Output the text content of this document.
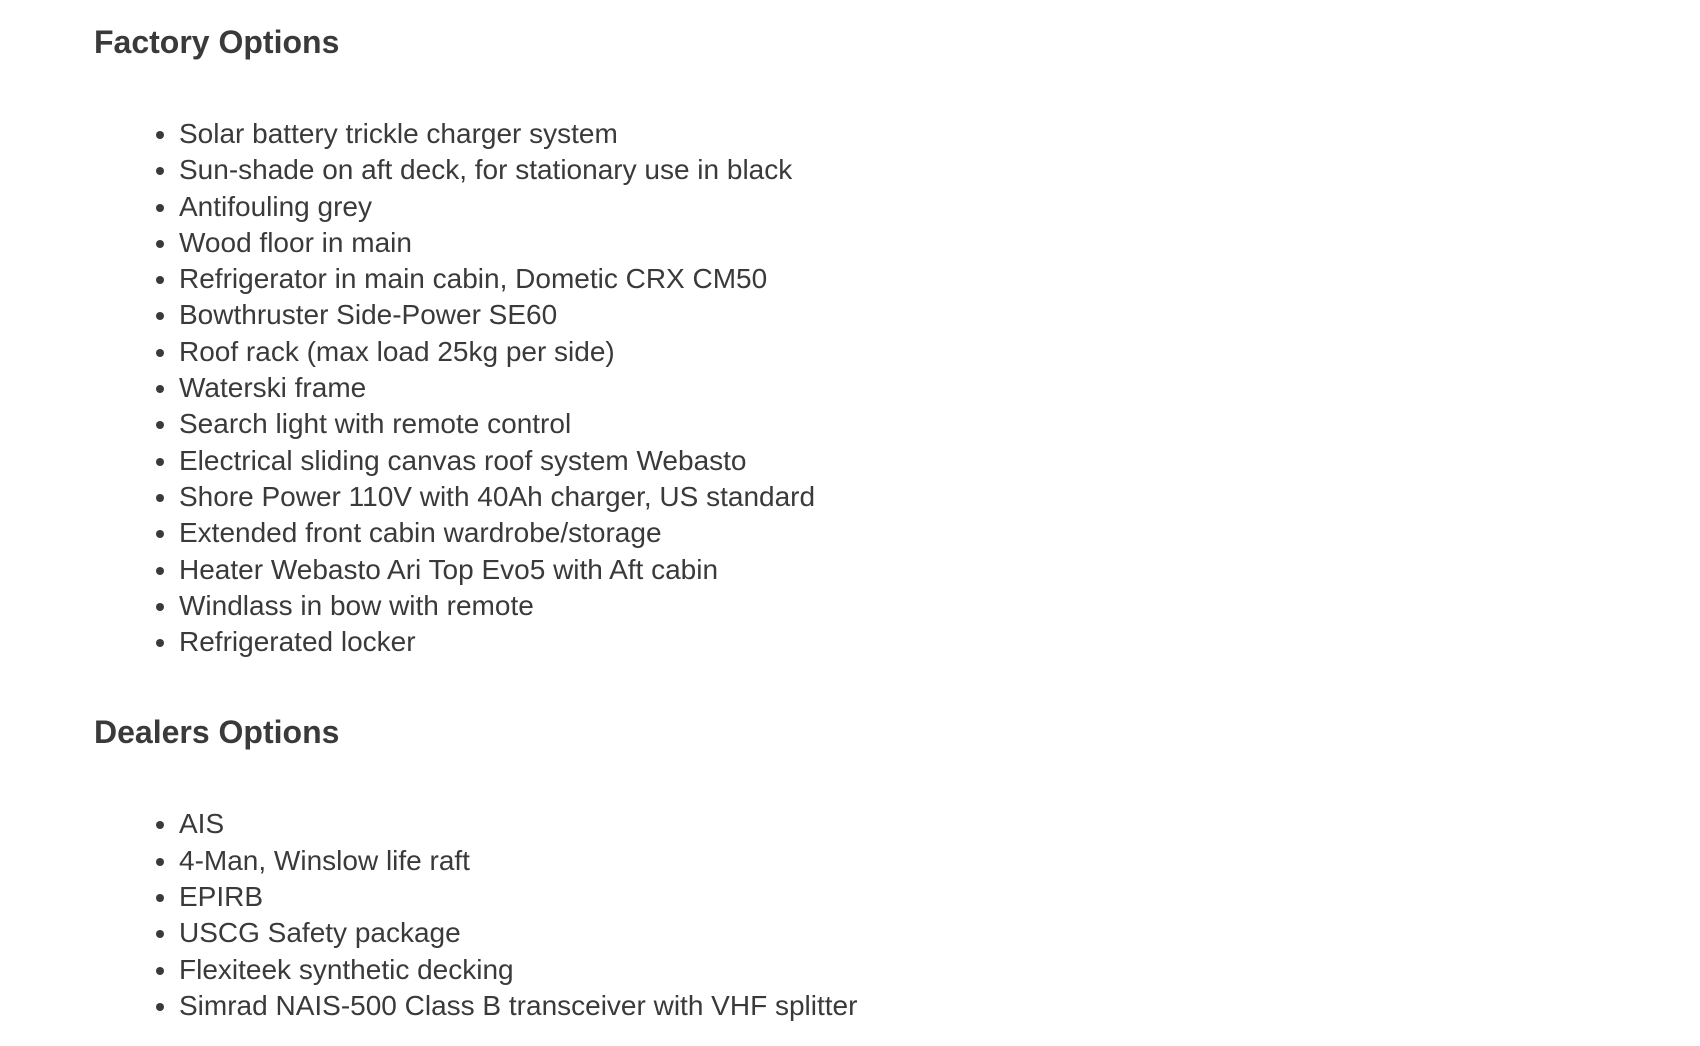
Factory Options
• Solar battery trickle charger system
• Sun-shade on aft deck, for stationary use in black
• Antifouling grey
• Wood floor in main
• Refrigerator in main cabin, Dometic CRX CM50
• Bowthruster Side-Power SE60
• Roof rack (max load 25kg per side)
• Waterski frame
• Search light with remote control
• Electrical sliding canvas roof system Webasto
• Shore Power 110V with 40Ah charger, US standard
• Extended front cabin wardrobe/storage
• Heater Webasto Ari Top Evo5 with Aft cabin
• Windlass in bow with remote
• Refrigerated locker
Dealers Options
• AIS
• 4-Man, Winslow life raft
• EPIRB
• USCG Safety package
• Flexiteek synthetic decking
• Simrad NAIS-500 Class B transceiver with VHF splitter
